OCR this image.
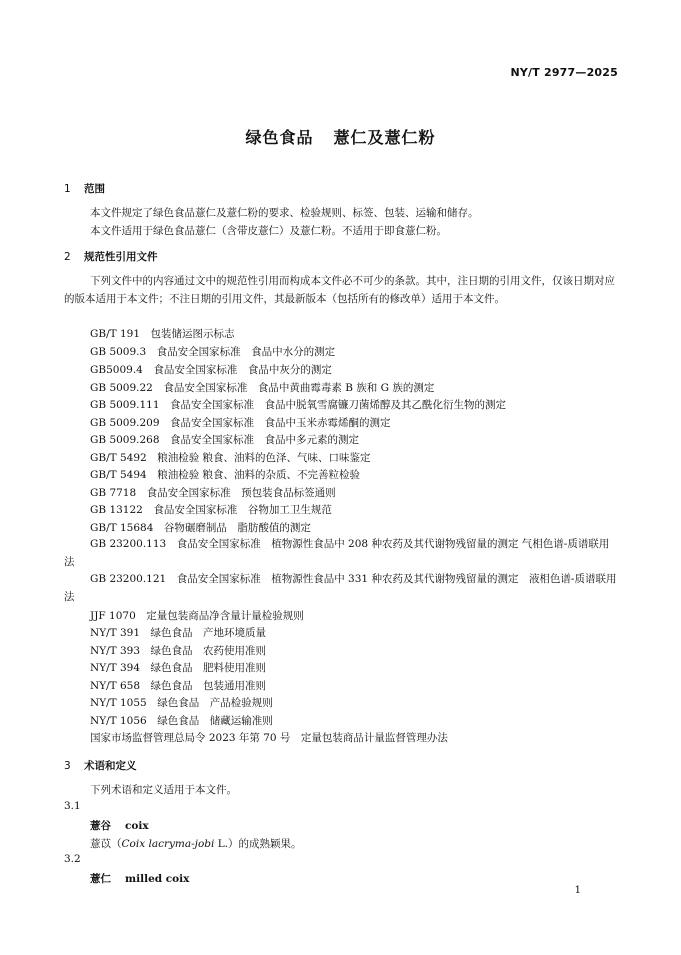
NY/T 2977—2025
绿色食品 薏仁及薏仁粉
1 范围
本文件规定了绿色食品薏仁及薏仁粉的要求、检验规则、标签、包装、运输和储存。
本文件适用于绿色食品薏仁（含带皮薏仁）及薏仁粉。不适用于即食薏仁粉。
2 规范性引用文件
下列文件中的内容通过文中的规范性引用而构成本文件必不可少的条款。其中，注日期的引用文件，仅该日期对应的版本适用于本文件；不注日期的引用文件，其最新版本（包括所有的修改单）适用于本文件。
GB/T 191　包装储运图示标志
GB 5009.3　食品安全国家标准　食品中水分的测定
GB5009.4　食品安全国家标准　食品中灰分的测定
GB 5009.22　食品安全国家标准　食品中黄曲霉毒素 B 族和 G 族的测定
GB 5009.111　食品安全国家标准　食品中脱氧雪腐镰刀菌烯醇及其乙酰化衍生物的测定
GB 5009.209　食品安全国家标准　食品中玉米赤霉烯酮的测定
GB 5009.268　食品安全国家标准　食品中多元素的测定
GB/T 5492　粮油检验 粮食、油料的色泽、气味、口味鉴定
GB/T 5494　粮油检验 粮食、油料的杂质、不完善粒检验
GB 7718　食品安全国家标准　预包装食品标签通则
GB 13122　食品安全国家标准　谷物加工卫生规范
GB/T 15684　谷物碾磨制品　脂肪酸值的测定
GB 23200.113　食品安全国家标准　植物源性食品中 208 种农药及其代谢物残留量的测定 气相色谱-质谱联用法
GB 23200.121　食品安全国家标准　植物源性食品中 331 种农药及其代谢物残留量的测定　液相色谱-质谱联用法
JJF 1070　定量包装商品净含量计量检验规则
NY/T 391　绿色食品　产地环境质量
NY/T 393　绿色食品　农药使用准则
NY/T 394　绿色食品　肥料使用准则
NY/T 658　绿色食品　包装通用准则
NY/T 1055　绿色食品　产品检验规则
NY/T 1056　绿色食品　储藏运输准则
国家市场监督管理总局令 2023 年第 70 号　定量包装商品计量监督管理办法
3 术语和定义
下列术语和定义适用于本文件。
3.1
薏谷 coix
薏苡（Coix lacryma-jobi L.）的成熟颖果。
3.2
薏仁 milled coix
1
